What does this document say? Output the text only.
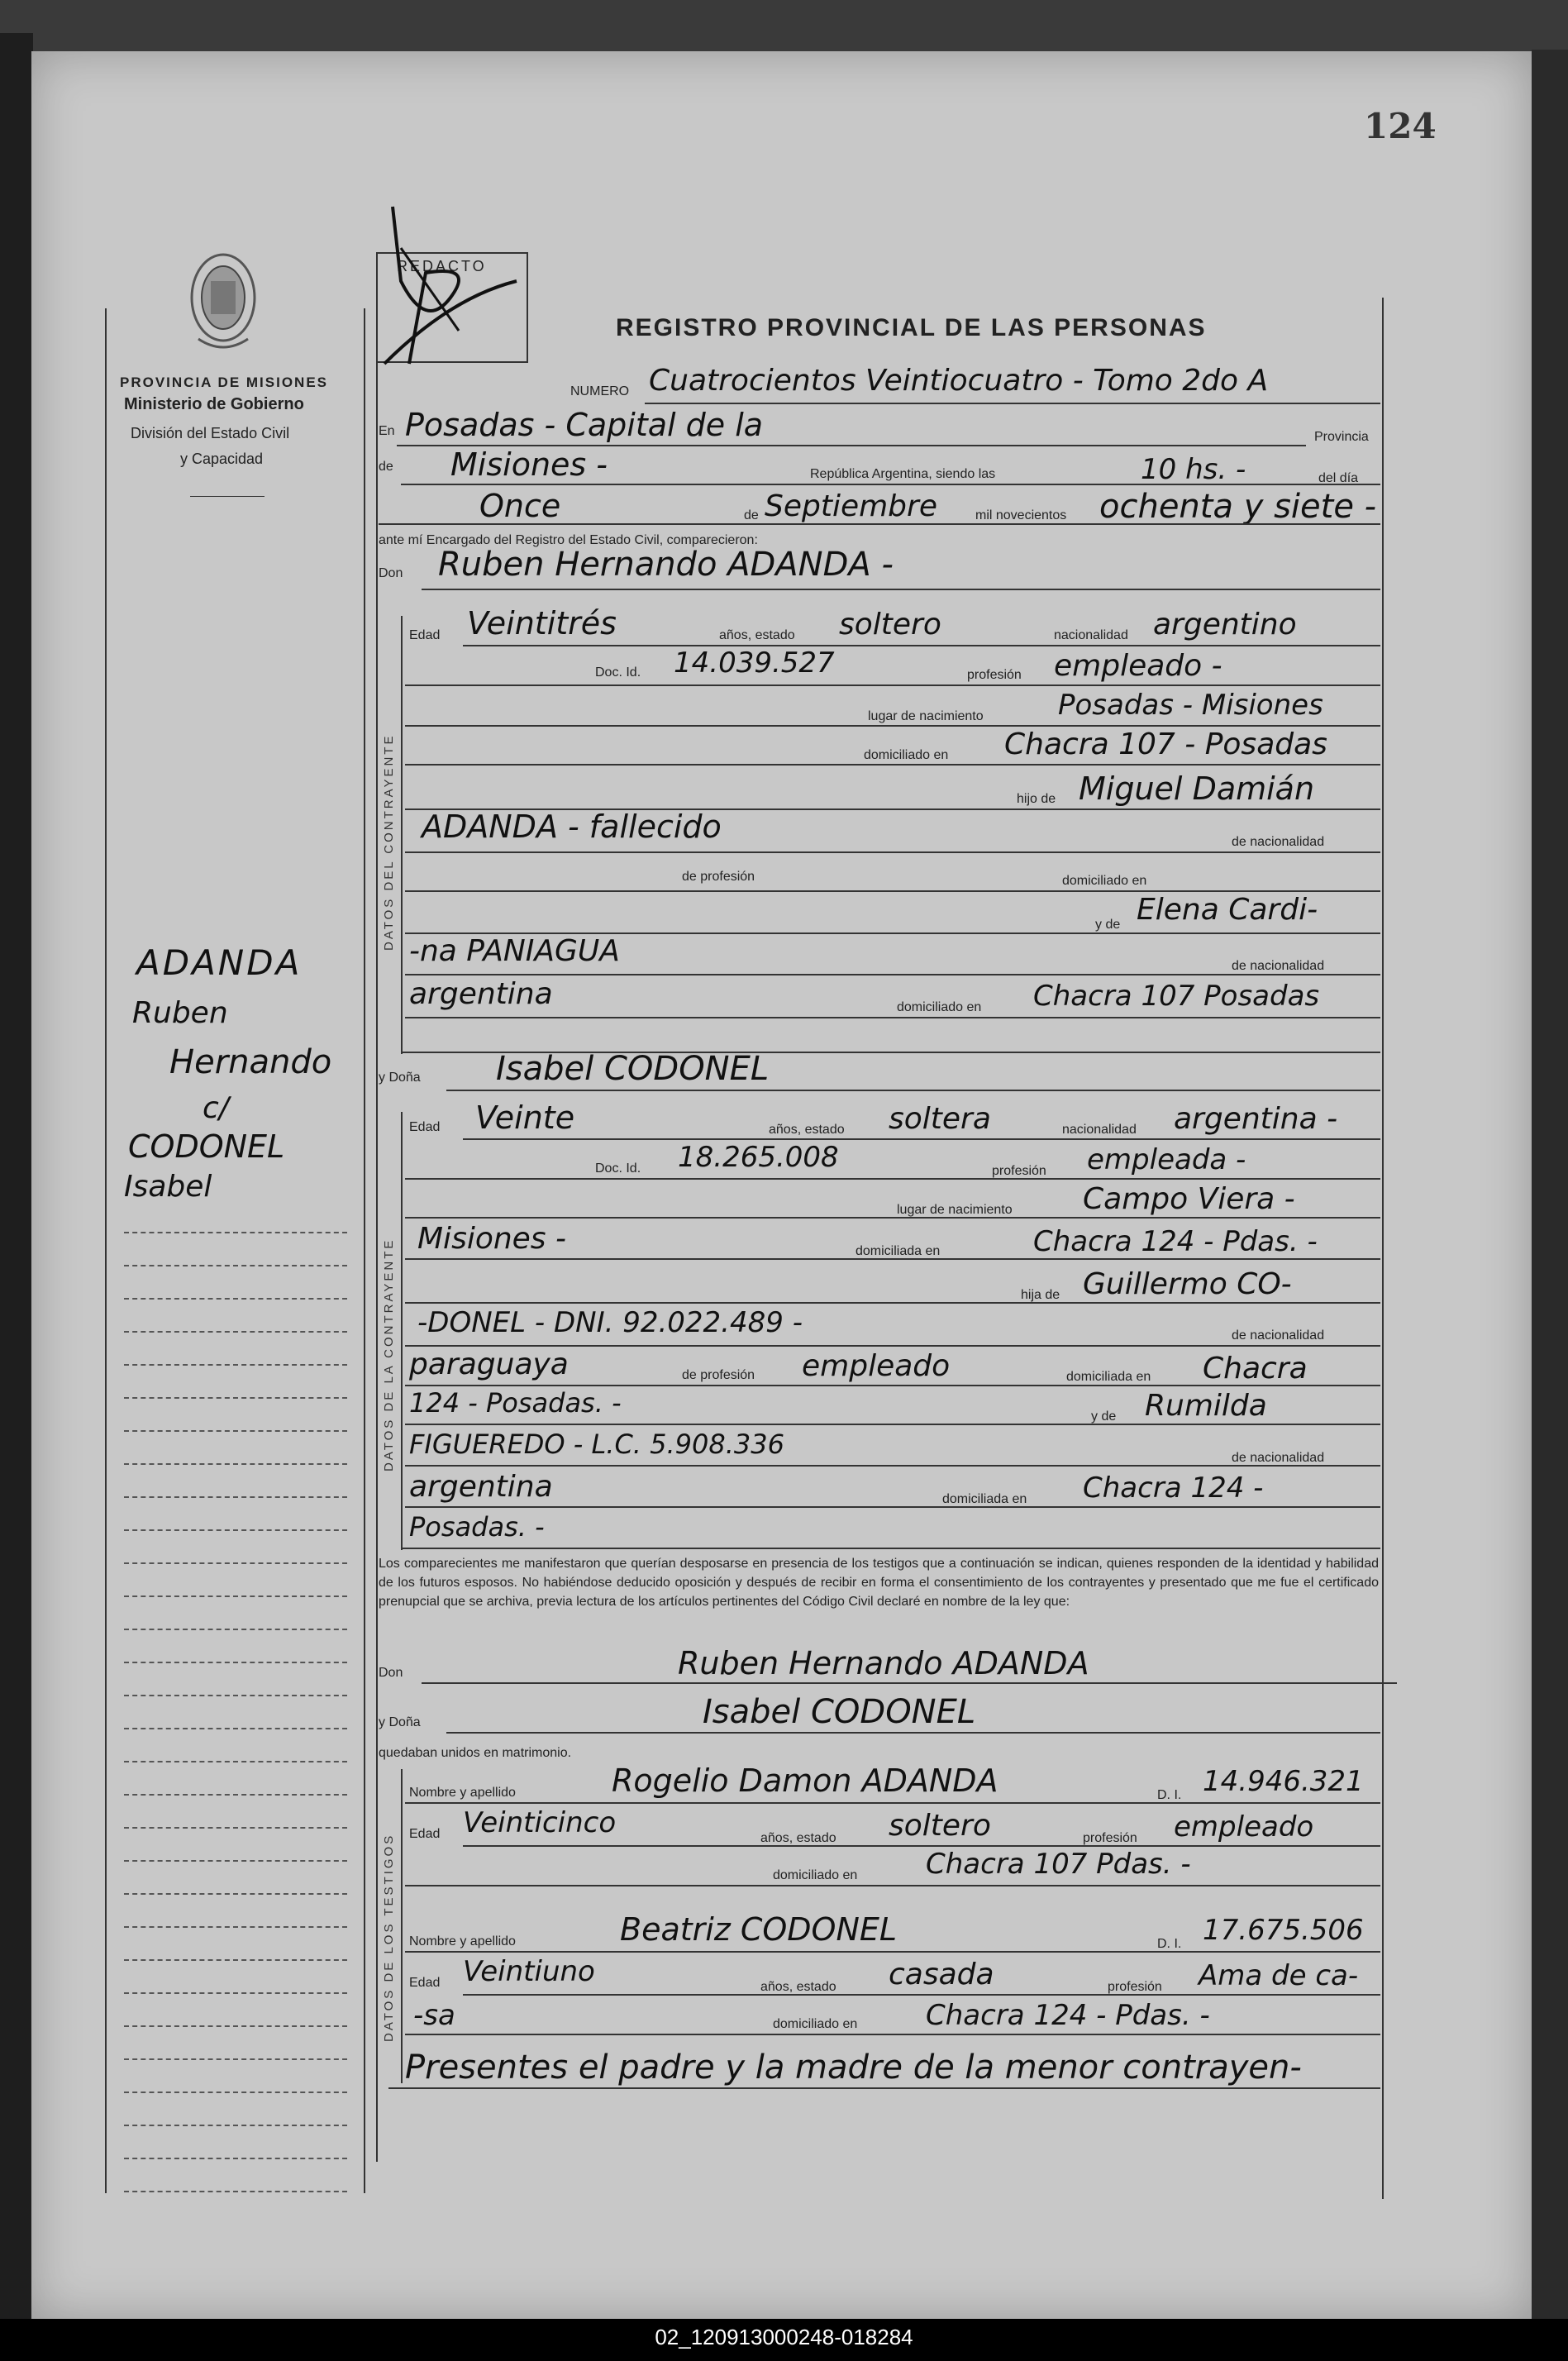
124
PROVINCIA DE MISIONES
Ministerio de Gobierno
División del Estado Civil
y Capacidad
ADANDA
Ruben
Hernando
c/
CODONEL
Isabel
REDACTO
REGISTRO PROVINCIAL DE LAS PERSONAS
NUMERO Cuatrocientos Veintiocuatro - Tomo 2do A
En Posadas - Capital de la	Provincia
de Misiones -	República Argentina, siendo las	10 hs. -	del día
Once	de Septiembre	mil novecientos ochenta y siete -
ante mí Encargado del Registro del Estado Civil, comparecieron:
Don Ruben Hernando ADANDA -
DATOS DEL CONTRAYENTE
Edad Veintitrés	años, estado soltero	nacionalidad argentino
Doc. Id. 14.039.527	profesión empleado -
lugar de nacimiento	Posadas - Misiones
domiciliado en Chacra 107 - Posadas
hijo de Miguel Damián
ADANDA - fallecido	de nacionalidad
de profesión	domiciliado en
y de Elena Cardi-
-na PANIAGUA	de nacionalidad
argentina	domiciliado en Chacra 107 Posadas
y Doña Isabel CODONEL
DATOS DE LA CONTRAYENTE
Edad Veinte	años, estado soltera	nacionalidad argentina -
Doc. Id. 18.265.008	profesión empleada -
lugar de nacimiento Campo Viera -
Misiones -	domiciliada en	Chacra 124 - Pdas. -
hija de Guillermo CO-
-DONEL - DNI. 92.022.489 -	de nacionalidad
paraguaya	de profesión empleado	domiciliada en Chacra
124 - Posadas. -	y de Rumilda
FIGUEREDO - L.C. 5.908.336	de nacionalidad
argentina	domiciliada en Chacra 124 -
Posadas. -
Los comparecientes me manifestaron que querían desposarse en presencia de los testigos que a continuación se indican, quienes responden de la identidad y habilidad de los futuros esposos. No habiéndose deducido oposición y después de recibir en forma el consentimiento de los contrayentes y presentado que me fue el certificado prenupcial que se archiva, previa lectura de los artículos pertinentes del Código Civil declaré en nombre de la ley que:
Don	Ruben Hernando ADANDA
y Doña	Isabel CODONEL
quedaban unidos en matrimonio.
DATOS DE LOS TESTIGOS
Nombre y apellido	Rogelio Damon ADANDA	D. I. 14.946.321
Edad Veinticinco	años, estado soltero	profesión empleado
domiciliado en Chacra 107 Pdas. -
Nombre y apellido	Beatriz CODONEL	D. I. 17.675.506
Edad Veintiuno	años, estado casada	profesión Ama de ca-
-sa	domiciliado en Chacra 124 - Pdas. -
Presentes el padre y la madre de la menor contrayen-
02_120913000248-018284
